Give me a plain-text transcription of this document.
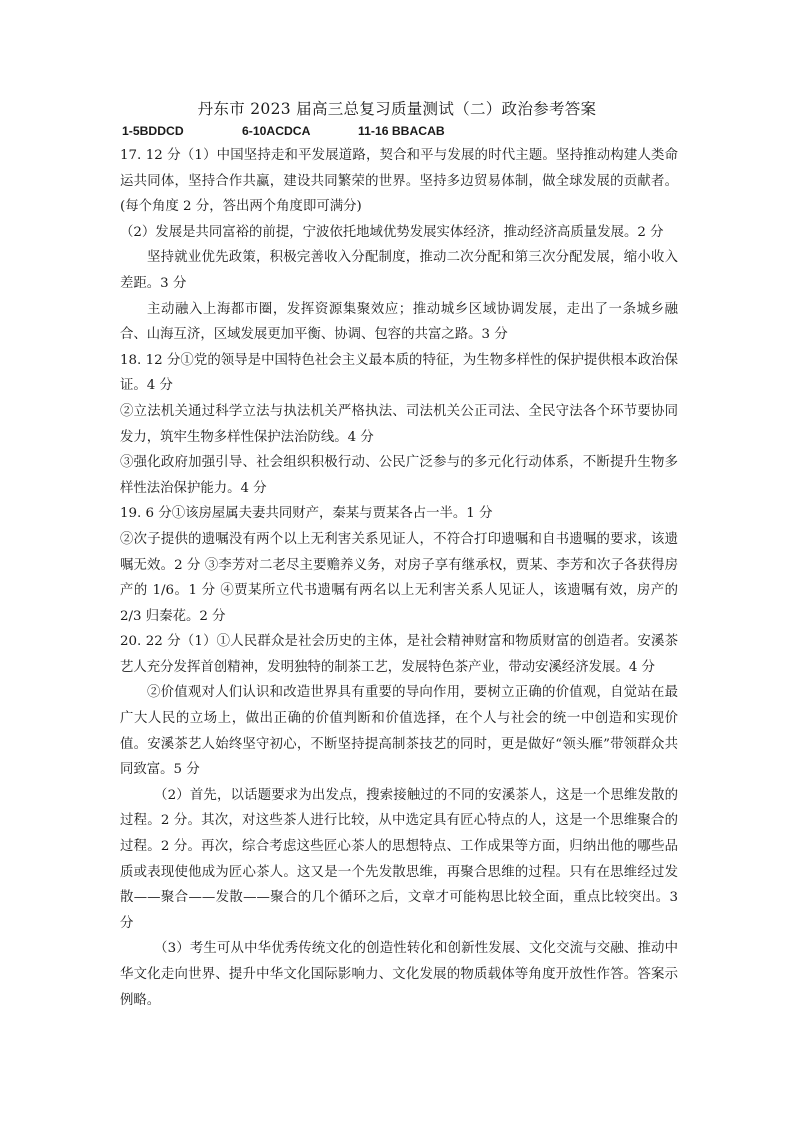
丹东市 2023 届高三总复习质量测试（二）政治参考答案
1-5BDDCD	6-10ACDCA	11-16 BBACAB

17. 12 分（1）中国坚持走和平发展道路，契合和平与发展的时代主题。坚持推动构建人类命运共同体，坚持合作共赢，建设共同繁荣的世界。坚持多边贸易体制，做全球发展的贡献者。(每个角度 2 分，答出两个角度即可满分)

（2）发展是共同富裕的前提，宁波依托地域优势发展实体经济，推动经济高质量发展。2 分

坚持就业优先政策，积极完善收入分配制度，推动二次分配和第三次分配发展，缩小收入差距。3 分

主动融入上海都市圈，发挥资源集聚效应；推动城乡区域协调发展，走出了一条城乡融合、山海互济，区域发展更加平衡、协调、包容的共富之路。3 分

18. 12 分①党的领导是中国特色社会主义最本质的特征，为生物多样性的保护提供根本政治保证。4 分

②立法机关通过科学立法与执法机关严格执法、司法机关公正司法、全民守法各个环节要协同发力，筑牢生物多样性保护法治防线。4 分

③强化政府加强引导、社会组织积极行动、公民广泛参与的多元化行动体系，不断提升生物多样性法治保护能力。4 分

19. 6 分①该房屋属夫妻共同财产，秦某与贾某各占一半。1 分

②次子提供的遗嘱没有两个以上无利害关系见证人，不符合打印遗嘱和自书遗嘱的要求，该遗嘱无效。2 分 ③李芳对二老尽主要赡养义务，对房子享有继承权，贾某、李芳和次子各获得房产的 1/6。1 分 ④贾某所立代书遗嘱有两名以上无利害关系人见证人，该遗嘱有效，房产的 2/3 归秦花。2 分

20. 22 分（1）①人民群众是社会历史的主体，是社会精神财富和物质财富的创造者。安溪茶艺人充分发挥首创精神，发明独特的制茶工艺，发展特色茶产业，带动安溪经济发展。4 分

②价值观对人们认识和改造世界具有重要的导向作用，要树立正确的价值观，自觉站在最广大人民的立场上，做出正确的价值判断和价值选择，在个人与社会的统一中创造和实现价值。安溪茶艺人始终坚守初心，不断坚持提高制茶技艺的同时，更是做好“领头雁”带领群众共同致富。5 分

（2）首先，以话题要求为出发点，搜索接触过的不同的安溪茶人，这是一个思维发散的过程。2 分。其次，对这些茶人进行比较，从中选定具有匠心特点的人，这是一个思维聚合的过程。2 分。再次，综合考虑这些匠心茶人的思想特点、工作成果等方面，归纳出他的哪些品质或表现使他成为匠心茶人。这又是一个先发散思维，再聚合思维的过程。只有在思维经过发散——聚合——发散——聚合的几个循环之后，文章才可能构思比较全面，重点比较突出。3 分

（3）考生可从中华优秀传统文化的创造性转化和创新性发展、文化交流与交融、推动中华文化走向世界、提升中华文化国际影响力、文化发展的物质载体等角度开放性作答。答案示例略。
